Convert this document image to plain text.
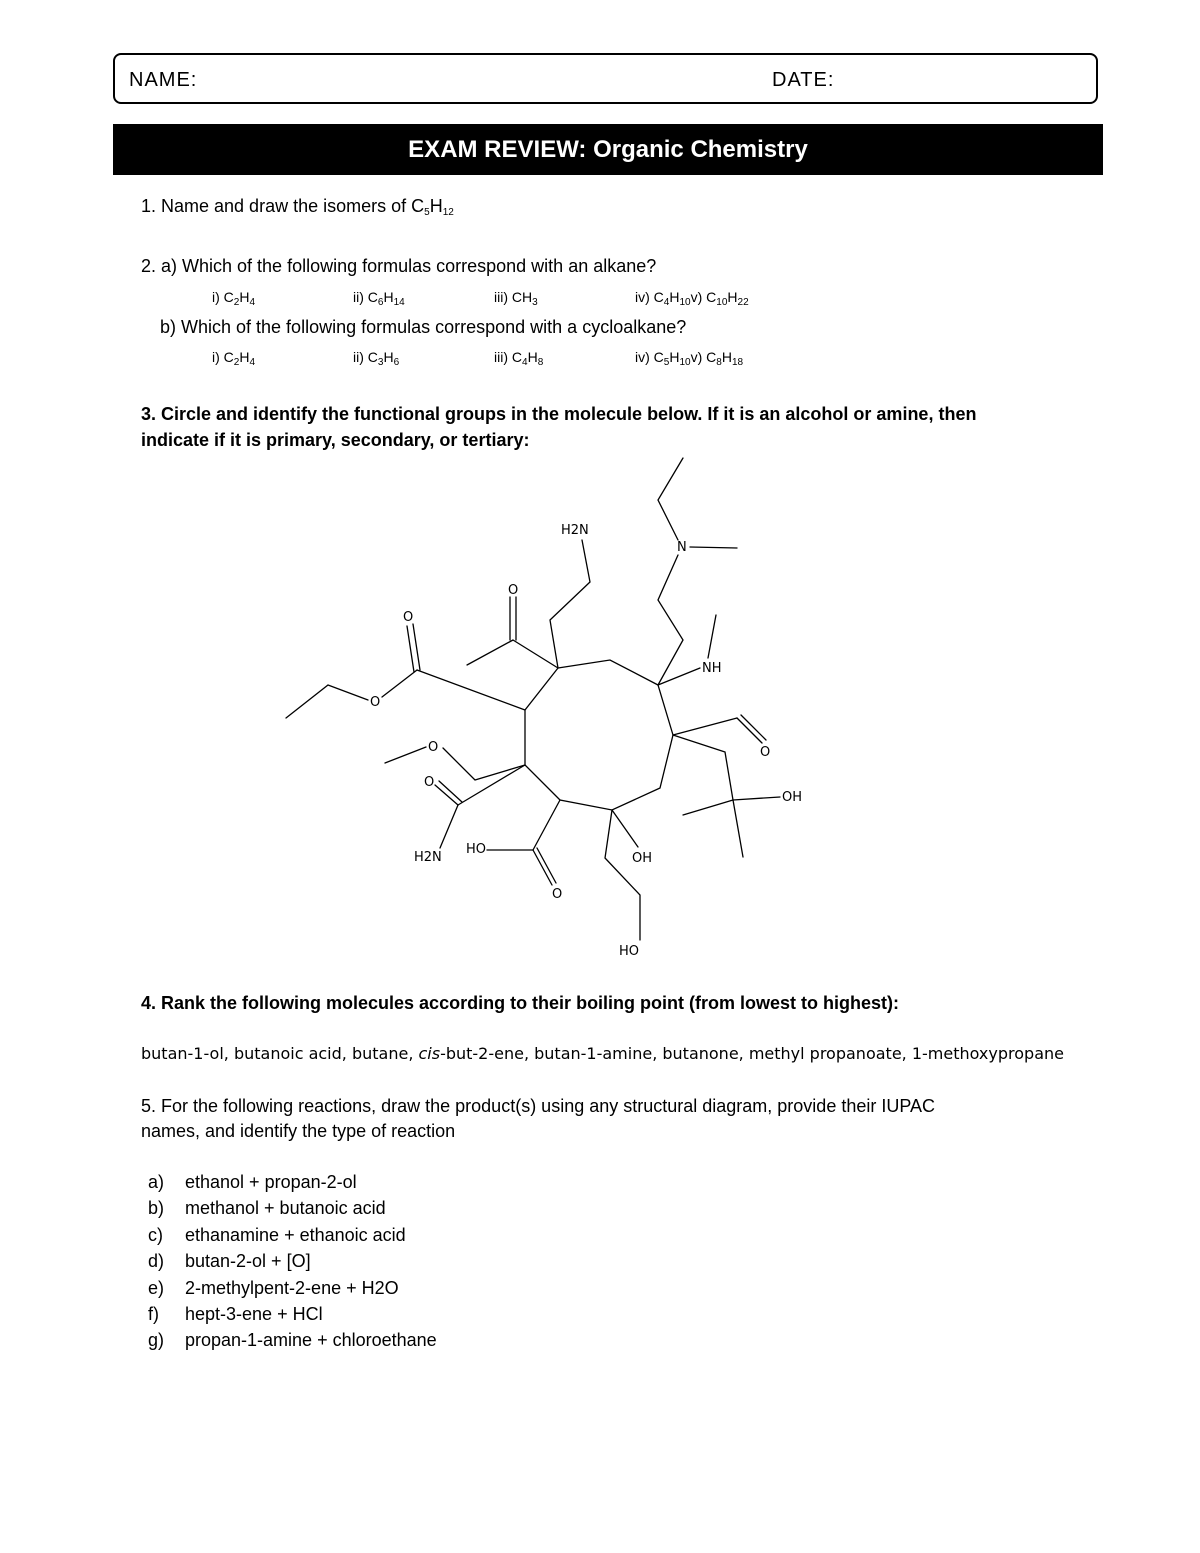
NAME:	DATE:
EXAM REVIEW: Organic Chemistry
1. Name and draw the isomers of $C_5H_{12}$
2. a) Which of the following formulas correspond with an alkane?
i) $C_2H_4$	ii) $C_6H_{14}$	iii) $CH_3$	iv) $C_4H_{10}v$) $C_{10}H_{22}$
b) Which of the following formulas correspond with a cycloalkane?
i) $C_2H_4$	ii) $C_3H_6$	iii) $C_4H_8$	iv) $C_5H_{10}v$) $C_8H_{18}$
3. Circle and identify the functional groups in the molecule below. If it is an alcohol or amine, then
indicate if it is primary, secondary, or tertiary:
H2N
N
NH
O
O
O
O
O
H2N
HO
O
OH
HO
O
OH
4. Rank the following molecules according to their boiling point (from lowest to highest):
butan-1-ol, butanoic acid, butane, cis-but-2-ene, butan-1-amine, butanone, methyl propanoate, 1-methoxypropane
5. For the following reactions, draw the product(s) using any structural diagram, provide their IUPAC
names, and identify the type of reaction
a) ethanol + propan-2-ol
b) methanol + butanoic acid
c) ethanamine + ethanoic acid
d) butan-2-ol + [O]
e) 2-methylpent-2-ene + H2O
f) hept-3-ene + HCl
g) propan-1-amine + chloroethane
